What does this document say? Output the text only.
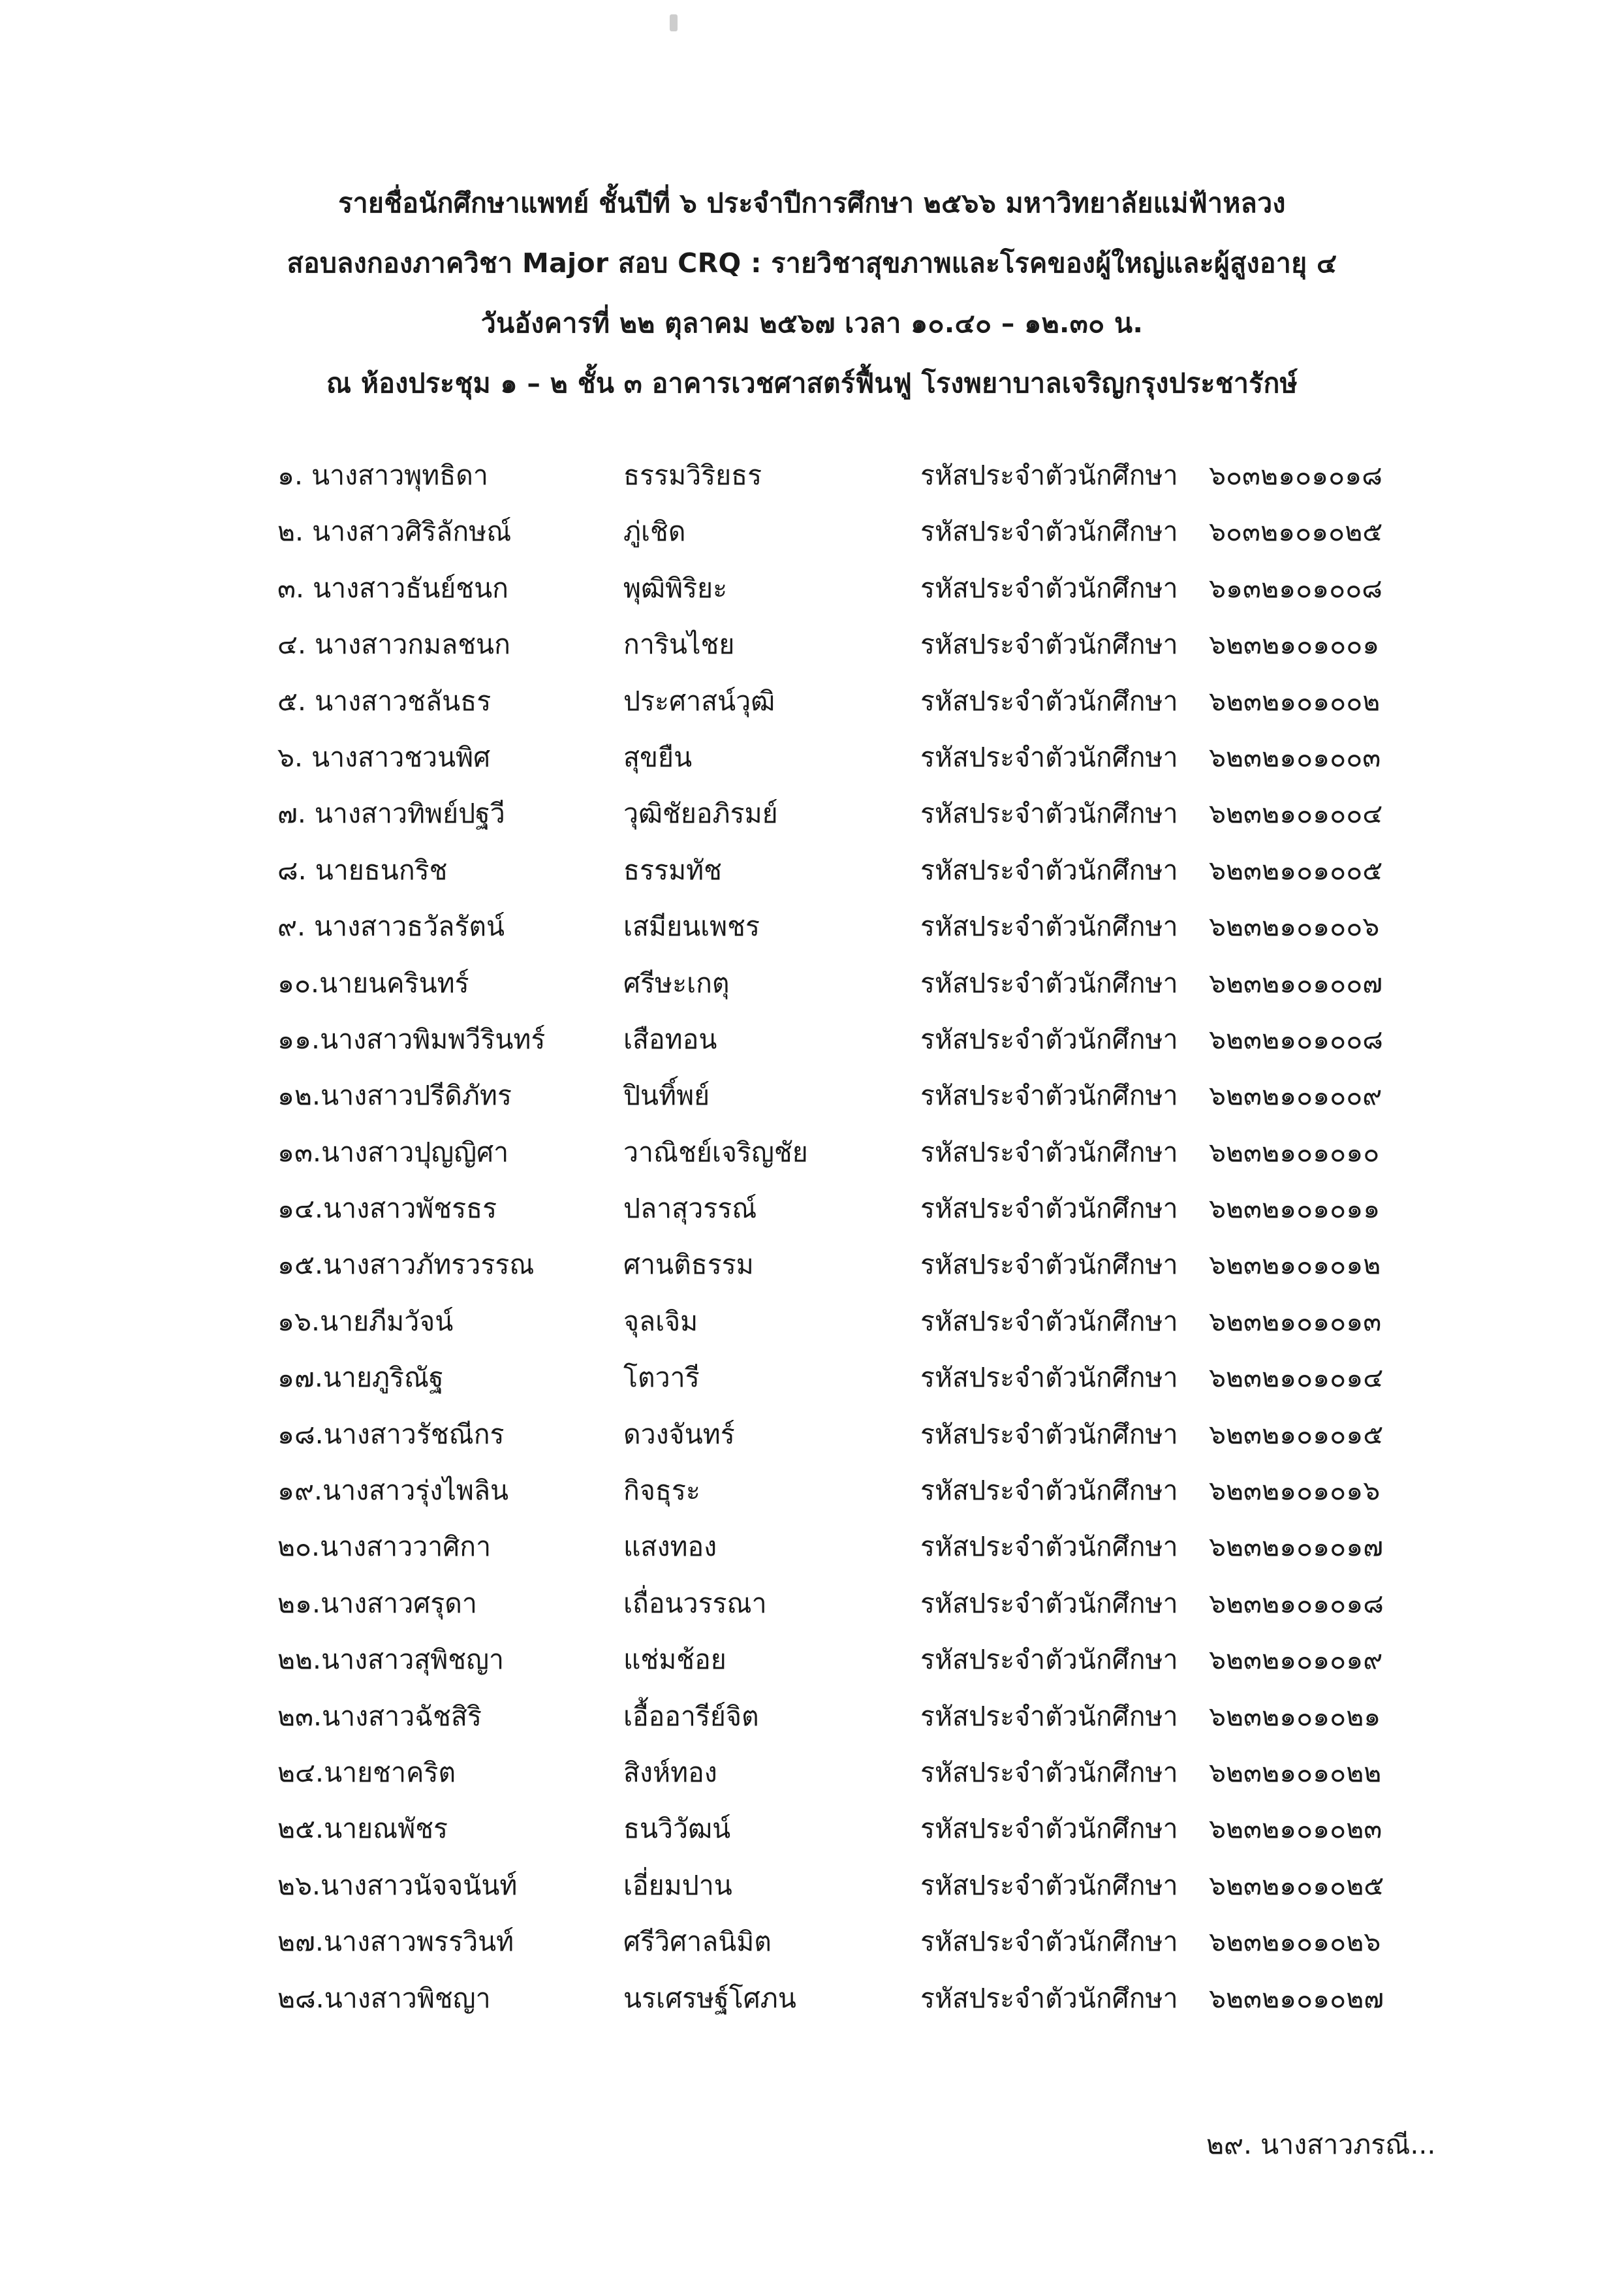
รายชื่อนักศึกษาแพทย์ ชั้นปีที่ ๖ ประจำปีการศึกษา ๒๕๖๖ มหาวิทยาลัยแม่ฟ้าหลวง
สอบลงกองภาควิชา Major สอบ CRQ : รายวิชาสุขภาพและโรคของผู้ใหญ่และผู้สูงอายุ ๔
วันอังคารที่ ๒๒ ตุลาคม ๒๕๖๗ เวลา ๑๐.๔๐ – ๑๒.๓๐ น.
ณ ห้องประชุม ๑ – ๒ ชั้น ๓ อาคารเวชศาสตร์ฟื้นฟู โรงพยาบาลเจริญกรุงประชารักษ์
๑. นางสาวพุทธิดา	ธรรมวิริยธร	รหัสประจำตัวนักศึกษา ๖๐๓๒๑๐๑๐๑๘
๒. นางสาวศิริลักษณ์	ภู่เชิด	รหัสประจำตัวนักศึกษา ๖๐๓๒๑๐๑๐๒๕
๓. นางสาวธันย์ชนก	พุฒิพิริยะ	รหัสประจำตัวนักศึกษา ๖๑๓๒๑๐๑๐๐๘
๔. นางสาวกมลชนก	การินไชย	รหัสประจำตัวนักศึกษา ๖๒๓๒๑๐๑๐๐๑
๕. นางสาวชลันธร	ประศาสน์วุฒิ	รหัสประจำตัวนักศึกษา ๖๒๓๒๑๐๑๐๐๒
๖. นางสาวชวนพิศ	สุขยืน	รหัสประจำตัวนักศึกษา ๖๒๓๒๑๐๑๐๐๓
๗. นางสาวทิพย์ปฐวี	วุฒิชัยอภิรมย์	รหัสประจำตัวนักศึกษา ๖๒๓๒๑๐๑๐๐๔
๘. นายธนกริช	ธรรมทัช	รหัสประจำตัวนักศึกษา ๖๒๓๒๑๐๑๐๐๕
๙. นางสาวธวัลรัตน์	เสมียนเพชร	รหัสประจำตัวนักศึกษา ๖๒๓๒๑๐๑๐๐๖
๑๐.นายนครินทร์	ศรีษะเกตุ	รหัสประจำตัวนักศึกษา ๖๒๓๒๑๐๑๐๐๗
๑๑.นางสาวพิมพวีรินทร์	เสือทอน	รหัสประจำตัวนักศึกษา ๖๒๓๒๑๐๑๐๐๘
๑๒.นางสาวปรีดิภัทร	ปินทิ์พย์	รหัสประจำตัวนักศึกษา ๖๒๓๒๑๐๑๐๐๙
๑๓.นางสาวปุญญิศา	วาณิชย์เจริญชัย	รหัสประจำตัวนักศึกษา ๖๒๓๒๑๐๑๐๑๐
๑๔.นางสาวพัชรธร	ปลาสุวรรณ์	รหัสประจำตัวนักศึกษา ๖๒๓๒๑๐๑๐๑๑
๑๕.นางสาวภัทรวรรณ	ศานติธรรม	รหัสประจำตัวนักศึกษา ๖๒๓๒๑๐๑๐๑๒
๑๖.นายภีมวัจน์	จุลเจิม	รหัสประจำตัวนักศึกษา ๖๒๓๒๑๐๑๐๑๓
๑๗.นายภูริณัฐ	โตวารี	รหัสประจำตัวนักศึกษา ๖๒๓๒๑๐๑๐๑๔
๑๘.นางสาวรัชณีกร	ดวงจันทร์	รหัสประจำตัวนักศึกษา ๖๒๓๒๑๐๑๐๑๕
๑๙.นางสาวรุ่งไพลิน	กิจธุระ	รหัสประจำตัวนักศึกษา ๖๒๓๒๑๐๑๐๑๖
๒๐.นางสาววาศิกา	แสงทอง	รหัสประจำตัวนักศึกษา ๖๒๓๒๑๐๑๐๑๗
๒๑.นางสาวศรุดา	เถื่อนวรรณา	รหัสประจำตัวนักศึกษา ๖๒๓๒๑๐๑๐๑๘
๒๒.นางสาวสุพิชญา	แช่มช้อย	รหัสประจำตัวนักศึกษา ๖๒๓๒๑๐๑๐๑๙
๒๓.นางสาวฉัชสิริ	เอื้ออารีย์จิต	รหัสประจำตัวนักศึกษา ๖๒๓๒๑๐๑๐๒๑
๒๔.นายชาคริต	สิงห์ทอง	รหัสประจำตัวนักศึกษา ๖๒๓๒๑๐๑๐๒๒
๒๕.นายณพัชร	ธนวิวัฒน์	รหัสประจำตัวนักศึกษา ๖๒๓๒๑๐๑๐๒๓
๒๖.นางสาวนัจจนันท์	เอี่ยมปาน	รหัสประจำตัวนักศึกษา ๖๒๓๒๑๐๑๐๒๕
๒๗.นางสาวพรรวินท์	ศรีวิศาลนิมิต	รหัสประจำตัวนักศึกษา ๖๒๓๒๑๐๑๐๒๖
๒๘.นางสาวพิชญา	นรเศรษฐ์โศภน	รหัสประจำตัวนักศึกษา ๖๒๓๒๑๐๑๐๒๗
๒๙. นางสาวภรณี...
